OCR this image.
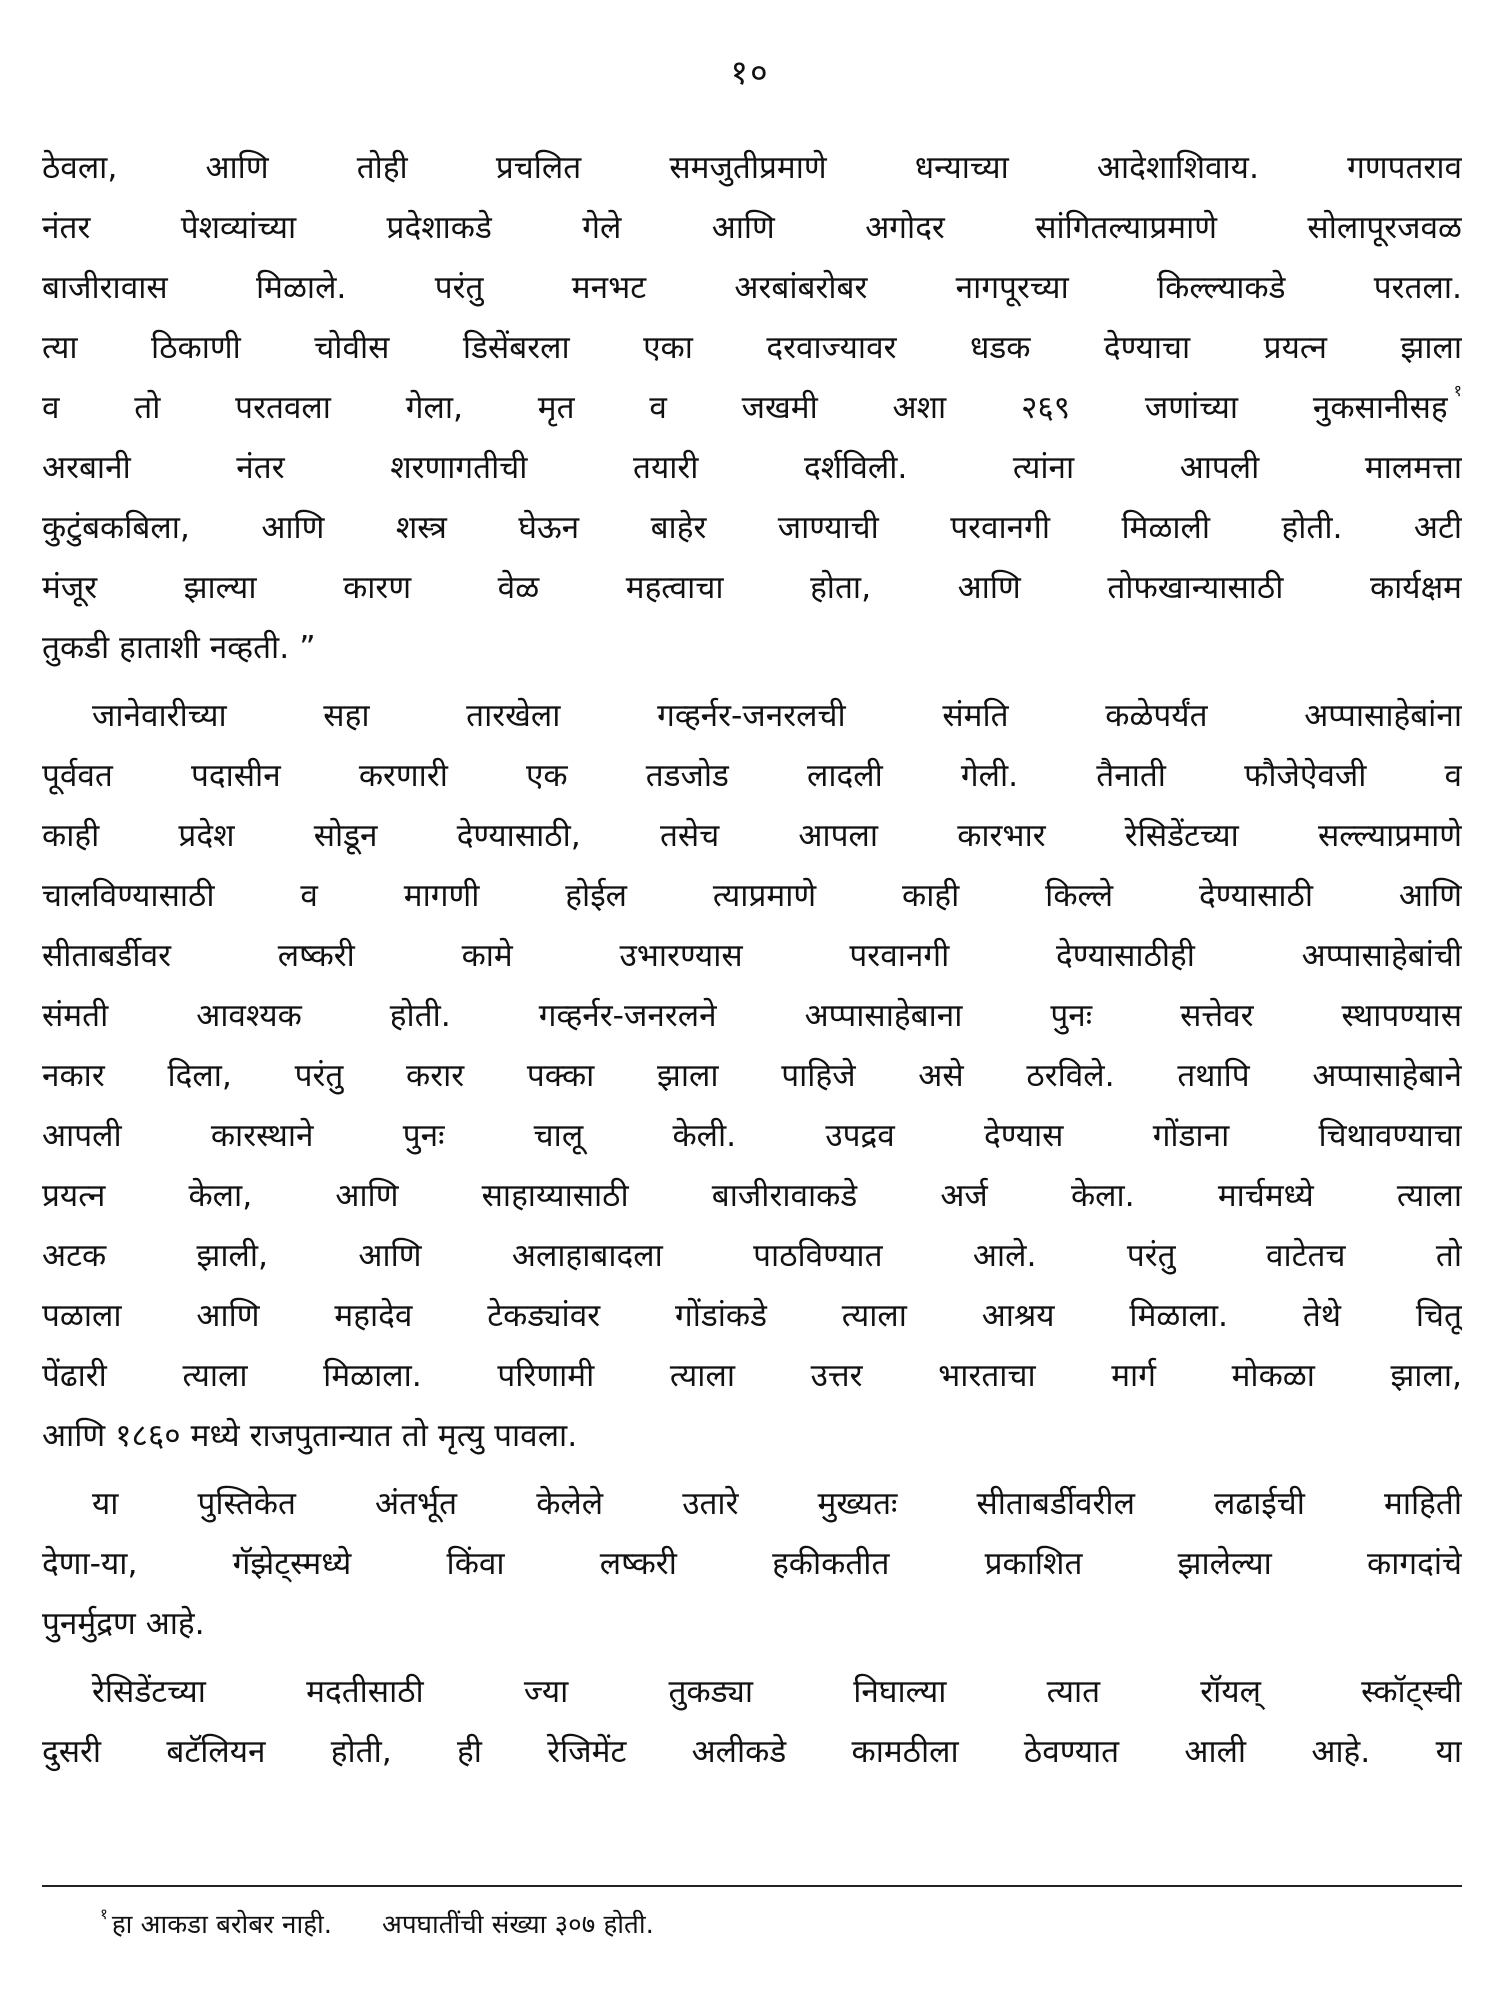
१०
ठेवला, आणि तोही प्रचलित समजुतीप्रमाणे धन्याच्या आदेशाशिवाय. गणपतराव
नंतर पेशव्यांच्या प्रदेशाकडे गेले आणि अगोदर सांगितल्याप्रमाणे सोलापूरजवळ
बाजीरावास मिळाले. परंतु मनभट अरबांबरोबर नागपूरच्या किल्ल्याकडे परतला.
त्या ठिकाणी चोवीस डिसेंबरला एका दरवाज्यावर धडक देण्याचा प्रयत्न झाला
व तो परतवला गेला, मृत व जखमी अशा २६९ जणांच्या नुकसानीसह $^१$
अरबानी नंतर शरणागतीची तयारी दर्शविली. त्यांना आपली मालमत्ता
कुटुंबकबिला, आणि शस्त्र घेऊन बाहेर जाण्याची परवानगी मिळाली होती. अटी
मंजूर झाल्या कारण वेळ महत्वाचा होता, आणि तोफखान्यासाठी कार्यक्षम
तुकडी हाताशी नव्हती. ”
जानेवारीच्या सहा तारखेला गव्हर्नर-जनरलची संमति कळेपर्यंत अप्पासाहेबांना
पूर्ववत पदासीन करणारी एक तडजोड लादली गेली. तैनाती फौजेऐवजी व
काही प्रदेश सोडून देण्यासाठी, तसेच आपला कारभार रेसिडेंटच्या सल्ल्याप्रमाणे
चालविण्यासाठी व मागणी होईल त्याप्रमाणे काही किल्ले देण्यासाठी आणि
सीताबर्डीवर लष्करी कामे उभारण्यास परवानगी देण्यासाठीही अप्पासाहेबांची
संमती आवश्यक होती. गव्हर्नर-जनरलने अप्पासाहेबाना पुनः सत्तेवर स्थापण्यास
नकार दिला, परंतु करार पक्का झाला पाहिजे असे ठरविले. तथापि अप्पासाहेबाने
आपली कारस्थाने पुनः चालू केली. उपद्रव देण्यास गोंडाना चिथावण्याचा
प्रयत्न केला, आणि साहाय्यासाठी बाजीरावाकडे अर्ज केला. मार्चमध्ये त्याला
अटक झाली, आणि अलाहाबादला पाठविण्यात आले. परंतु वाटेतच तो
पळाला आणि महादेव टेकड्यांवर गोंडांकडे त्याला आश्रय मिळाला. तेथे चितू
पेंढारी त्याला मिळाला. परिणामी त्याला उत्तर भारताचा मार्ग मोकळा झाला,
आणि १८६० मध्ये राजपुतान्यात तो मृत्यु पावला.
या पुस्तिकेत अंतर्भूत केलेले उतारे मुख्यतः सीताबर्डीवरील लढाईची माहिती
देणा-या, गॅझेट्स्मध्ये किंवा लष्करी हकीकतीत प्रकाशित झालेल्या कागदांचे
पुनर्मुद्रण आहे.
रेसिडेंटच्या मदतीसाठी ज्या तुकड्या निघाल्या त्यात रॉयल् स्कॉट्स्ची
दुसरी बटॅलियन होती, ही रेजिमेंट अलीकडे कामठीला ठेवण्यात आली आहे. या
$^१$ हा आकडा बरोबर नाही. अपघातींची संख्या ३०७ होती.
